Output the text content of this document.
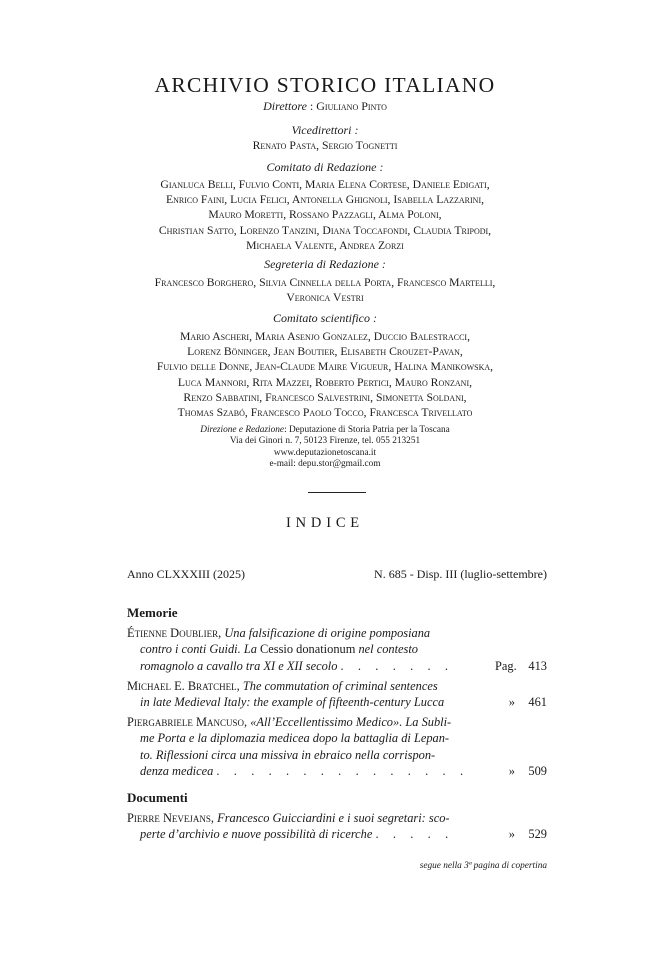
ARCHIVIO STORICO ITALIANO
Direttore : Giuliano Pinto
Vicedirettori :
Renato Pasta, Sergio Tognetti
Comitato di Redazione :
Gianluca Belli, Fulvio Conti, Maria Elena Cortese, Daniele Edigati,
Enrico Faini, Lucia Felici, Antonella Ghignoli, Isabella Lazzarini,
Mauro Moretti, Rossano Pazzagli, Alma Poloni,
Christian Satto, Lorenzo Tanzini, Diana Toccafondi, Claudia Tripodi,
Michaela Valente, Andrea Zorzi
Segreteria di Redazione :
Francesco Borghero, Silvia Cinnella della Porta, Francesco Martelli,
Veronica Vestri
Comitato scientifico :
Mario Ascheri, Maria Asenjo Gonzalez, Duccio Balestracci,
Lorenz Böninger, Jean Boutier, Elisabeth Crouzet-Pavan,
Fulvio delle Donne, Jean-Claude Maire Vigueur, Halina Manikowska,
Luca Mannori, Rita Mazzei, Roberto Pertici, Mauro Ronzani,
Renzo Sabbatini, Francesco Salvestrini, Simonetta Soldani,
Thomas Szabó, Francesco Paolo Tocco, Francesca Trivellato
Direzione e Redazione: Deputazione di Storia Patria per la Toscana
Via dei Ginori n. 7, 50123 Firenze, tel. 055 213251
www.deputazionetoscana.it
e-mail: depu.stor@gmail.com
INDICE
Anno CLXXXIII (2025)	N. 685 - Disp. III (luglio-settembre)
Memorie
Étienne Doublier, Una falsificazione di origine pomposiana
contro i conti Guidi. La Cessio donationum nel contesto
romagnolo a cavallo tra XI e XII secolo . . . . . . .	Pag. 413
Michael E. Bratchel, The commutation of criminal sentences
in late Medieval Italy: the example of fifteenth-century Lucca	» 461
Piergabriele Mancuso, «All’Eccellentissimo Medico». La Subli-
me Porta e la diplomazia medicea dopo la battaglia di Lepan-
to. Riflessioni circa una missiva in ebraico nella corrispon-
denza medicea . . . . . . . . . . . . . . .	» 509
Documenti
Pierre Nevejans, Francesco Guicciardini e i suoi segretari: sco-
perte d’archivio e nuove possibilità di ricerche . . . . .	» 529
segue nella 3ª pagina di copertina
